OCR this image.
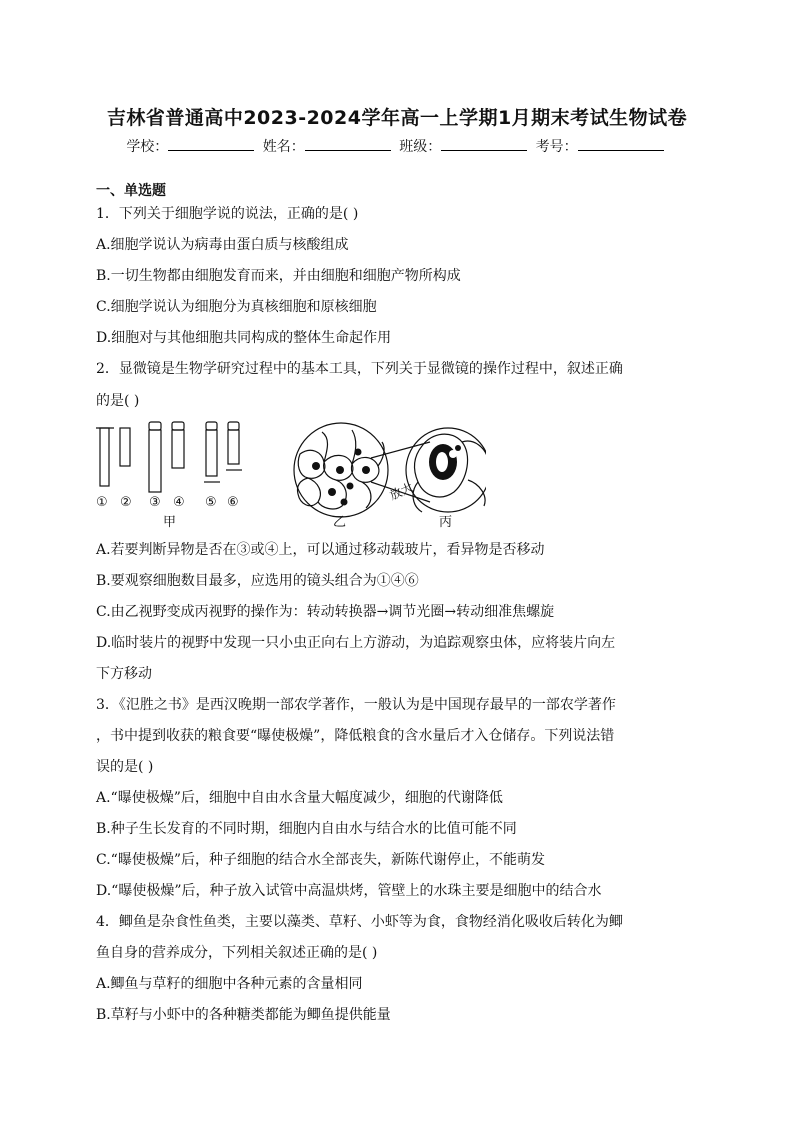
吉林省普通高中2023-2024学年高一上学期1月期末考试生物试卷
学校：	姓名：	班级：	考号：
一、单选题
1．下列关于细胞学说的说法，正确的是( )
A.细胞学说认为病毒由蛋白质与核酸组成
B.一切生物都由细胞发育而来，并由细胞和细胞产物所构成
C.细胞学说认为细胞分为真核细胞和原核细胞
D.细胞对与其他细胞共同构成的整体生命起作用
2．显微镜是生物学研究过程中的基本工具，下列关于显微镜的操作过程中，叙述正确
的是( )
① ② ③ ④ ⑤ ⑥
甲	乙	丙
放大
A.若要判断异物是否在③或④上，可以通过移动载玻片，看异物是否移动
B.要观察细胞数目最多，应选用的镜头组合为①④⑥
C.由乙视野变成丙视野的操作为：转动转换器→调节光圈→转动细准焦螺旋
D.临时装片的视野中发现一只小虫正向右上方游动，为追踪观察虫体，应将装片向左
下方移动
3．《氾胜之书》是西汉晚期一部农学著作，一般认为是中国现存最早的一部农学著作
，书中提到收获的粮食要“曝使极燥”，降低粮食的含水量后才入仓储存。下列说法错
误的是( )
A.“曝使极燥”后，细胞中自由水含量大幅度减少，细胞的代谢降低
B.种子生长发育的不同时期，细胞内自由水与结合水的比值可能不同
C.“曝使极燥”后，种子细胞的结合水全部丧失，新陈代谢停止，不能萌发
D.“曝使极燥”后，种子放入试管中高温烘烤，管壁上的水珠主要是细胞中的结合水
4．鲫鱼是杂食性鱼类，主要以藻类、草籽、小虾等为食，食物经消化吸收后转化为鲫
鱼自身的营养成分，下列相关叙述正确的是( )
A.鲫鱼与草籽的细胞中各种元素的含量相同
B.草籽与小虾中的各种糖类都能为鲫鱼提供能量
